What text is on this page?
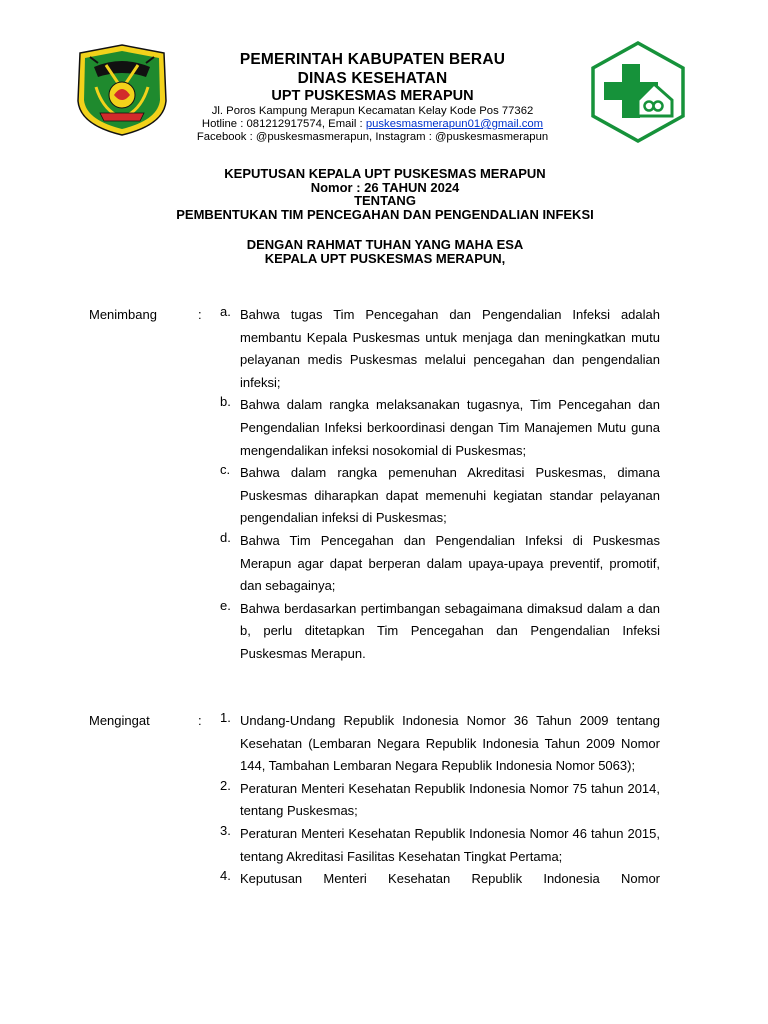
PEMERINTAH KABUPATEN BERAU
DINAS KESEHATAN
UPT PUSKESMAS MERAPUN
Jl. Poros Kampung Merapun Kecamatan Kelay Kode Pos 77362
Hotline : 081212917574, Email : puskesmasmerapun01@gmail.com
Facebook : @puskesmasmerapun, Instagram : @puskesmasmerapun
KEPUTUSAN KEPALA UPT PUSKESMAS MERAPUN
Nomor : 26 TAHUN 2024
TENTANG
PEMBENTUKAN TIM PENCEGAHAN DAN PENGENDALIAN INFEKSI
DENGAN RAHMAT TUHAN YANG MAHA ESA
KEPALA UPT PUSKESMAS MERAPUN,
Menimbang	: a. Bahwa tugas Tim Pencegahan dan Pengendalian Infeksi adalah membantu Kepala Puskesmas untuk menjaga dan meningkatkan mutu pelayanan medis Puskesmas melalui pencegahan dan pengendalian infeksi;
b. Bahwa dalam rangka melaksanakan tugasnya, Tim Pencegahan dan Pengendalian Infeksi berkoordinasi dengan Tim Manajemen Mutu guna mengendalikan infeksi nosokomial di Puskesmas;
c. Bahwa dalam rangka pemenuhan Akreditasi Puskesmas, dimana Puskesmas diharapkan dapat memenuhi kegiatan standar pelayanan pengendalian infeksi di Puskesmas;
d. Bahwa Tim Pencegahan dan Pengendalian Infeksi di Puskesmas Merapun agar dapat berperan dalam upaya-upaya preventif, promotif, dan sebagainya;
e. Bahwa berdasarkan pertimbangan sebagaimana dimaksud dalam a dan b, perlu ditetapkan Tim Pencegahan dan Pengendalian Infeksi Puskesmas Merapun.
Mengingat	: 1. Undang-Undang Republik Indonesia Nomor 36 Tahun 2009 tentang Kesehatan (Lembaran Negara Republik Indonesia Tahun 2009 Nomor 144, Tambahan Lembaran Negara Republik Indonesia Nomor 5063);
2. Peraturan Menteri Kesehatan Republik Indonesia Nomor 75 tahun 2014, tentang Puskesmas;
3. Peraturan Menteri Kesehatan Republik Indonesia Nomor 46 tahun 2015, tentang Akreditasi Fasilitas Kesehatan Tingkat Pertama;
4. Keputusan Menteri Kesehatan Republik Indonesia Nomor
